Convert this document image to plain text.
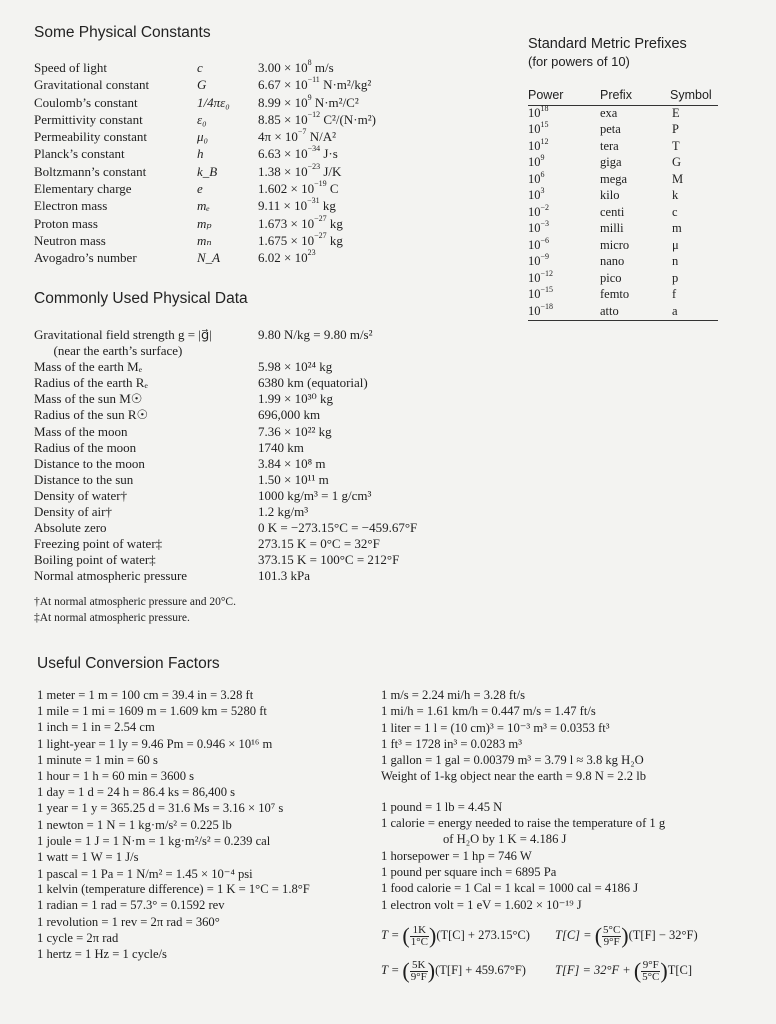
Some Physical Constants
Speed of light	c	$3.00 \times 10^8$ m/s
Gravitational constant	G	$6.67 \times 10^{-11}$ N·m²/kg²
Coulomb’s constant	1/4πε₀ $8.99 \times 10^9$ N·m²/C²
Permittivity constant	ε₀	$8.85 \times 10^{-12}$ C²/(N·m²)
Permeability constant	μ₀	$4\pi \times 10^{-7}$ N/A²
Planck’s constant	h	$6.63 \times 10^{-34}$ J·s
Boltzmann’s constant	k_B	$1.38 \times 10^{-23}$ J/K
Elementary charge	e	$1.602 \times 10^{-19}$ C
Electron mass	mₑ	$9.11 \times 10^{-31}$ kg
Proton mass	mₚ	$1.673 \times 10^{-27}$ kg
Neutron mass	mₙ	$1.675 \times 10^{-27}$ kg
Avogadro’s number	N_A	$6.02 \times 10^{23}$
Standard Metric Prefixes
(for powers of 10)
Power	Prefix	Symbol
$10^{18}$	exa	E
$10^{15}$	peta	P
$10^{12}$	tera	T
$10^9$	giga	G
$10^6$	mega	M
$10^3$	kilo	k
$10^{-2}$	centi	c
$10^{-3}$	milli	m
$10^{-6}$	micro	μ
$10^{-9}$	nano	n
$10^{-12}$	pico	p
$10^{-15}$	femto	f
$10^{-18}$	atto	a
Commonly Used Physical Data
Gravitational field strength g = |g⃗|	9.80 N/kg = 9.80 m/s²
(near the earth’s surface)
Mass of the earth Mₑ	5.98 × 10²⁴ kg
Radius of the earth Rₑ	6380 km (equatorial)
Mass of the sun M☉	1.99 × 10³⁰ kg
Radius of the sun R☉	696,000 km
Mass of the moon	7.36 × 10²² kg
Radius of the moon	1740 km
Distance to the moon	3.84 × 10⁸ m
Distance to the sun	1.50 × 10¹¹ m
Density of water†	1000 kg/m³ = 1 g/cm³
Density of air†	1.2 kg/m³
Absolute zero	0 K = −273.15°C = −459.67°F
Freezing point of water‡	273.15 K = 0°C = 32°F
Boiling point of water‡	373.15 K = 100°C = 212°F
Normal atmospheric pressure	101.3 kPa
†At normal atmospheric pressure and 20°C.
‡At normal atmospheric pressure.
Useful Conversion Factors
1 meter = 1 m = 100 cm = 39.4 in = 3.28 ft
1 mile = 1 mi = 1609 m = 1.609 km = 5280 ft
1 inch = 1 in = 2.54 cm
1 light-year = 1 ly = 9.46 Pm = 0.946 × 10¹⁶ m
1 minute = 1 min = 60 s
1 hour = 1 h = 60 min = 3600 s
1 day = 1 d = 24 h = 86.4 ks = 86,400 s
1 year = 1 y = 365.25 d = 31.6 Ms = 3.16 × 10⁷ s
1 newton = 1 N = 1 kg·m/s² = 0.225 lb
1 joule = 1 J = 1 N·m = 1 kg·m²/s² = 0.239 cal
1 watt = 1 W = 1 J/s
1 pascal = 1 Pa = 1 N/m² = 1.45 × 10⁻⁴ psi
1 kelvin (temperature difference) = 1 K = 1°C = 1.8°F
1 radian = 1 rad = 57.3° = 0.1592 rev
1 revolution = 1 rev = 2π rad = 360°
1 cycle = 2π rad
1 hertz = 1 Hz = 1 cycle/s
1 m/s = 2.24 mi/h = 3.28 ft/s
1 mi/h = 1.61 km/h = 0.447 m/s = 1.47 ft/s
1 liter = 1 l = (10 cm)³ = 10⁻³ m³ = 0.0353 ft³
1 ft³ = 1728 in³ = 0.0283 m³
1 gallon = 1 gal = 0.00379 m³ = 3.79 l ≈ 3.8 kg H₂O
Weight of 1-kg object near the earth = 9.8 N = 2.2 lb
1 pound = 1 lb = 4.45 N
1 calorie = energy needed to raise the temperature of 1 g
of H₂O by 1 K = 4.186 J
1 horsepower = 1 hp = 746 W
1 pound per square inch = 6895 Pa
1 food calorie = 1 Cal = 1 kcal = 1000 cal = 4186 J
1 electron volt = 1 eV = 1.602 × 10⁻¹⁹ J
T = ( $\frac{1K}{1^\circ C} )(T[C] + 273.15^\circ C)$ T[C] = ( $\frac{5^\circ C}{9^\circ F} )(T[F] - 32^\circ F)$
T = ( $\frac{5K}{9^\circ F} )(T[F] + 459.67^\circ F)$ T[F] = 32°F + ( $\frac{9^\circ F}{5^\circ C} )T[C]$
